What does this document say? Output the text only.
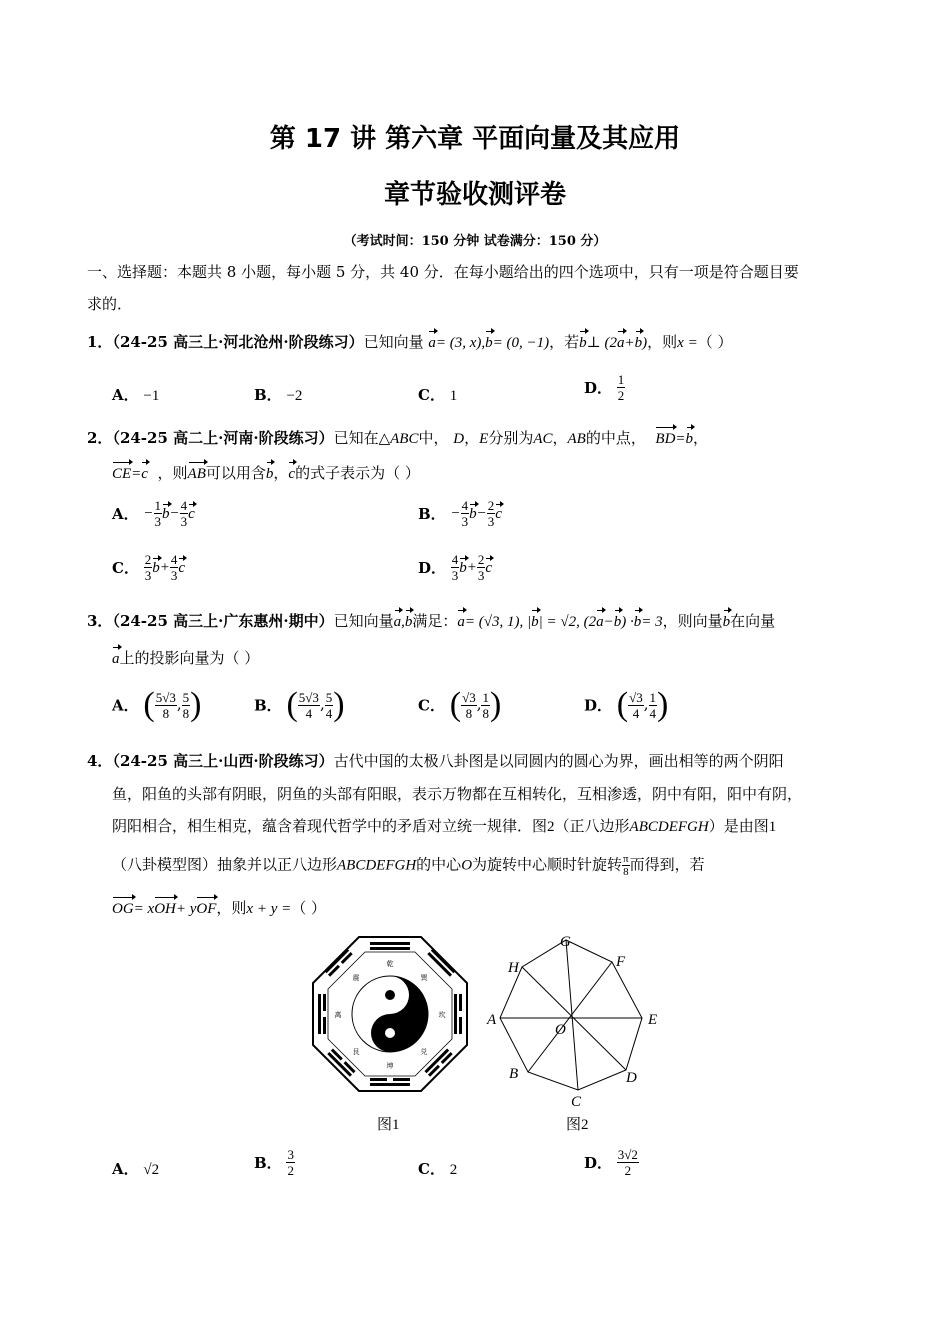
第 17 讲 第六章 平面向量及其应用
章节验收测评卷
（考试时间：150 分钟 试卷满分：150 分）
一、选择题：本题共 8 小题，每小题 5 分，共 40 分．在每小题给出的四个选项中，只有一项是符合题目要
求的．
1．（24-25 高三上·河北沧州·阶段练习）已知向量 a= (3, x),b= (0, −1)，若b⊥ (2a+b)，则x =（ ）
A． −1	B． −2	C． 1	D． $\frac{1}{2}$
2．（24-25 高二上·河南·阶段练习）已知在△ABC中， D，E分别为AC，AB的中点， BD=b，
CE=c ，则AB可以用含b，c的式子表示为（ ）
A． − $\frac{1}{3} b- \frac{4}{3}$ c	B． − $\frac{4}{3} b- \frac{2}{3}$ c
C． $\frac{2}{3} b+ \frac{4}{3}$ c	D． $\frac{4}{3} b+ \frac{2}{3}$ c
3．（24-25 高三上·广东惠州·期中）已知向量a,b满足：a= (√3, 1), |b| = √2, (2a−b) ·b= 3，则向量b在向量
a上的投影向量为（ ）
A． ( $\frac{5√3}{8}$ , $\frac{5}{8}$ )	B． ( $\frac{5√3}{4}$ , $\frac{5}{4}$ )	C． ( $\frac{√3}{8}$ , $\frac{1}{8}$ )	D． ( $\frac{√3}{4}$ , $\frac{1}{4}$ )
4．（24-25 高三上·山西·阶段练习）古代中国的太极八卦图是以同圆内的圆心为界，画出相等的两个阴阳
鱼，阳鱼的头部有阴眼，阴鱼的头部有阳眼，表示万物都在互相转化，互相渗透，阴中有阳，阳中有阴，
阴阳相合，相生相克，蕴含着现代哲学中的矛盾对立统一规律．图2（正八边形ABCDEFGH）是由图1
（八卦模型图）抽象并以正八边形ABCDEFGH的中心O为旋转中心顺时针旋转 $\frac{\pi}{8}$ 而得到，若
OG= xOH+ yOF，则x + y =（ ）
乾
坤
离	坎
震	巽
艮	兑
G
F
H
A	E
O
B	D
C
图1	图2
A． √2	B． $\frac{3}{2}$	C． 2	D． $\frac{3√2}{2}$
